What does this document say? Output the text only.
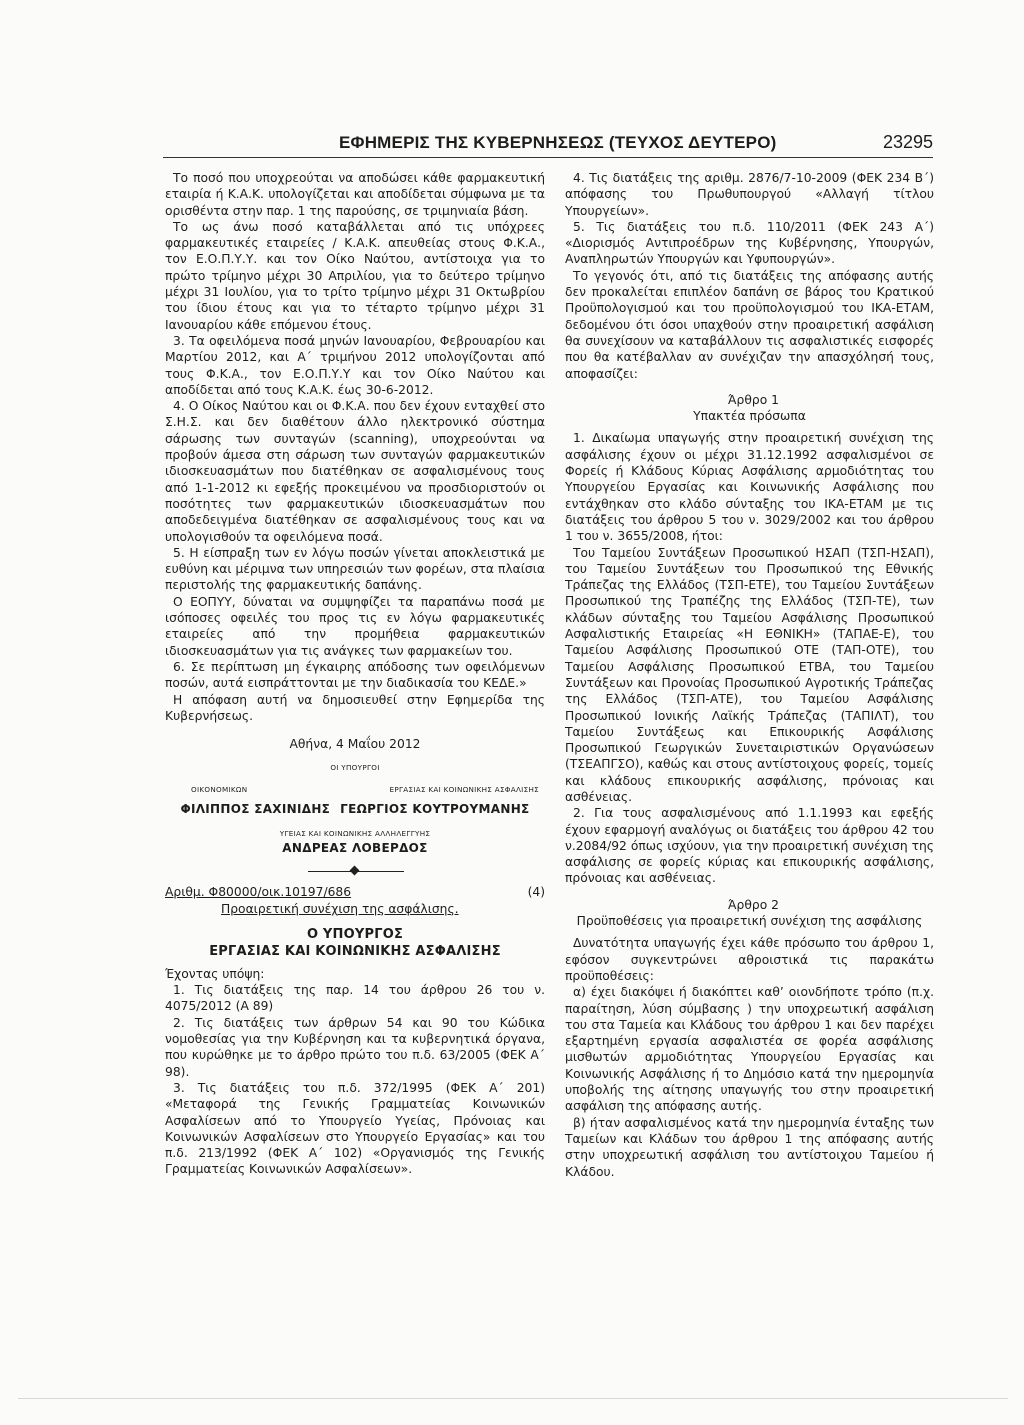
ΕΦΗΜΕΡΙΣ ΤΗΣ ΚΥΒΕΡΝΗΣΕΩΣ (ΤΕΥΧΟΣ ΔΕΥΤΕΡΟ)	23295

Το ποσό που υποχρεούται να αποδώσει κάθε φαρμακευτική εταιρία ή Κ.Α.Κ. υπολογίζεται και αποδίδεται σύμφωνα με τα ορισθέντα στην παρ. 1 της παρούσης, σε τριμηνιαία βάση.

Το ως άνω ποσό καταβάλλεται από τις υπόχρεες φαρμακευτικές εταιρείες / Κ.Α.Κ. απευθείας στους Φ.Κ.Α., τον Ε.Ο.Π.Υ.Υ. και τον Οίκο Ναύτου, αντίστοιχα για το πρώτο τρίμηνο μέχρι 30 Απριλίου, για το δεύτερο τρίμηνο μέχρι 31 Ιουλίου, για το τρίτο τρίμηνο μέχρι 31 Οκτωβρίου του ίδιου έτους και για το τέταρτο τρίμηνο μέχρι 31 Ιανουαρίου κάθε επόμενου έτους.

3. Τα οφειλόμενα ποσά μηνών Ιανουαρίου, Φεβρουαρίου και Μαρτίου 2012, και Α΄ τριμήνου 2012 υπολογίζονται από τους Φ.Κ.Α., τον Ε.Ο.Π.Υ.Υ και τον Οίκο Ναύτου και αποδίδεται από τους Κ.Α.Κ. έως 30-6-2012.

4. Ο Οίκος Ναύτου και οι Φ.Κ.Α. που δεν έχουν ενταχθεί στο Σ.Η.Σ. και δεν διαθέτουν άλλο ηλεκτρονικό σύστημα σάρωσης των συνταγών (scanning), υποχρεούνται να προβούν άμεσα στη σάρωση των συνταγών φαρμακευτικών ιδιοσκευασμάτων που διατέθηκαν σε ασφαλισμένους τους από 1-1-2012 κι εφεξής προκειμένου να προσδιοριστούν οι ποσότητες των φαρμακευτικών ιδιοσκευασμάτων που αποδεδειγμένα διατέθηκαν σε ασφαλισμένους τους και να υπολογισθούν τα οφειλόμενα ποσά.

5. Η είσπραξη των εν λόγω ποσών γίνεται αποκλειστικά με ευθύνη και μέριμνα των υπηρεσιών των φορέων, στα πλαίσια περιστολής της φαρμακευτικής δαπάνης.

Ο ΕΟΠΥΥ, δύναται να συμψηφίζει τα παραπάνω ποσά με ισόποσες οφειλές του προς τις εν λόγω φαρμακευτικές εταιρείες από την προμήθεια φαρμακευτικών ιδιοσκευασμάτων για τις ανάγκες των φαρμακείων του.

6. Σε περίπτωση μη έγκαιρης απόδοσης των οφειλόμενων ποσών, αυτά εισπράττονται με την διαδικασία του ΚΕΔΕ.»

Η απόφαση αυτή να δημοσιευθεί στην Εφημερίδα της Κυβερνήσεως.

Αθήνα, 4 Μαΐου 2012
ΟΙ ΥΠΟΥΡΓΟΙ
ΟΙΚΟΝΟΜΙΚΩΝ	ΕΡΓΑΣΙΑΣ ΚΑΙ ΚΟΙΝΩΝΙΚΗΣ ΑΣΦΑΛΙΣΗΣ
ΦΙΛΙΠΠΟΣ ΣΑΧΙΝΙΔΗΣ ΓΕΩΡΓΙΟΣ ΚΟΥΤΡΟΥΜΑΝΗΣ
ΥΓΕΙΑΣ ΚΑΙ ΚΟΙΝΩΝΙΚΗΣ ΑΛΛΗΛΕΓΓΥΗΣ
ΑΝΔΡΕΑΣ ΛΟΒΕΡΔΟΣ
Αριθμ. Φ80000/οικ.10197/686	(4)
Προαιρετική συνέχιση της ασφάλισης.
Ο ΥΠΟΥΡΓΟΣ
ΕΡΓΑΣΙΑΣ ΚΑΙ ΚΟΙΝΩΝΙΚΗΣ ΑΣΦΑΛΙΣΗΣ

Έχοντας υπόψη:

1. Τις διατάξεις της παρ. 14 του άρθρου 26 του ν. 4075/2012 (Α 89)

2. Τις διατάξεις των άρθρων 54 και 90 του Κώδικα νομοθεσίας για την Κυβέρνηση και τα κυβερνητικά όργανα, που κυρώθηκε με το άρθρο πρώτο του π.δ. 63/2005 (ΦΕΚ Α΄ 98).

3. Τις διατάξεις του π.δ. 372/1995 (ΦΕΚ Α΄ 201) «Μεταφορά της Γενικής Γραμματείας Κοινωνικών Ασφαλίσεων από το Υπουργείο Υγείας, Πρόνοιας και Κοινωνικών Ασφαλίσεων στο Υπουργείο Εργασίας» και του π.δ. 213/1992 (ΦΕΚ Α΄ 102) «Οργανισμός της Γενικής Γραμματείας Κοινωνικών Ασφαλίσεων».

4. Τις διατάξεις της αριθμ. 2876/7-10-2009 (ΦΕΚ 234 Β΄) απόφασης του Πρωθυπουργού «Αλλαγή τίτλου Υπουργείων».

5. Τις διατάξεις του π.δ. 110/2011 (ΦΕΚ 243 Α΄) «Διορισμός Αντιπροέδρων της Κυβέρνησης, Υπουργών, Αναπληρωτών Υπουργών και Υφυπουργών».

Το γεγονός ότι, από τις διατάξεις της απόφασης αυτής δεν προκαλείται επιπλέον δαπάνη σε βάρος του Κρατικού Προϋπολογισμού και του προϋπολογισμού του ΙΚΑ-ΕΤΑΜ, δεδομένου ότι όσοι υπαχθούν στην προαιρετική ασφάλιση θα συνεχίσουν να καταβάλλουν τις ασφαλιστικές εισφορές που θα κατέβαλλαν αν συνέχιζαν την απασχόλησή τους, αποφασίζει:

Άρθρο 1

Υπακτέα πρόσωπα

1. Δικαίωμα υπαγωγής στην προαιρετική συνέχιση της ασφάλισης έχουν οι μέχρι 31.12.1992 ασφαλισμένοι σε Φορείς ή Κλάδους Κύριας Ασφάλισης αρμοδιότητας του Υπουργείου Εργασίας και Κοινωνικής Ασφάλισης που εντάχθηκαν στο κλάδο σύνταξης του ΙΚΑ-ΕΤΑΜ με τις διατάξεις του άρθρου 5 του ν. 3029/2002 και του άρθρου 1 του ν. 3655/2008, ήτοι:

Του Ταμείου Συντάξεων Προσωπικού ΗΣΑΠ (ΤΣΠ-ΗΣΑΠ), του Ταμείου Συντάξεων του Προσωπικού της Εθνικής Τράπεζας της Ελλάδος (ΤΣΠ-ΕΤΕ), του Ταμείου Συντάξεων Προσωπικού της Τραπέζης της Ελλάδος (ΤΣΠ-ΤΕ), των κλάδων σύνταξης του Ταμείου Ασφάλισης Προσωπικού Ασφαλιστικής Εταιρείας «Η ΕΘΝΙΚΗ» (ΤΑΠΑΕ-Ε), του Ταμείου Ασφάλισης Προσωπικού ΟΤΕ (ΤΑΠ-ΟΤΕ), του Ταμείου Ασφάλισης Προσωπικού ΕΤΒΑ, του Ταμείου Συντάξεων και Προνοίας Προσωπικού Αγροτικής Τράπεζας της Ελλάδος (ΤΣΠ-ΑΤΕ), του Ταμείου Ασφάλισης Προσωπικού Ιονικής Λαϊκής Τράπεζας (ΤΑΠΙΛΤ), του Ταμείου Συντάξεως και Επικουρικής Ασφάλισης Προσωπικού Γεωργικών Συνεταιριστικών Οργανώσεων (ΤΣΕΑΠΓΣΟ), καθώς και στους αντίστοιχους φορείς, τομείς και κλάδους επικουρικής ασφάλισης, πρόνοιας και ασθένειας.

2. Για τους ασφαλισμένους από 1.1.1993 και εφεξής έχουν εφαρμογή αναλόγως οι διατάξεις του άρθρου 42 του ν.2084/92 όπως ισχύουν, για την προαιρετική συνέχιση της ασφάλισης σε φορείς κύριας και επικουρικής ασφάλισης, πρόνοιας και ασθένειας.

Άρθρο 2

Προϋποθέσεις για προαιρετική συνέχιση της ασφάλισης

Δυνατότητα υπαγωγής έχει κάθε πρόσωπο του άρθρου 1, εφόσον συγκεντρώνει αθροιστικά τις παρακάτω προϋποθέσεις:

α) έχει διακόψει ή διακόπτει καθ’ οιονδήποτε τρόπο (π.χ. παραίτηση, λύση σύμβασης ) την υποχρεωτική ασφάλιση του στα Ταμεία και Κλάδους του άρθρου 1 και δεν παρέχει εξαρτημένη εργασία ασφαλιστέα σε φορέα ασφάλισης μισθωτών αρμοδιότητας Υπουργείου Εργασίας και Κοινωνικής Ασφάλισης ή το Δημόσιο κατά την ημερομηνία υποβολής της αίτησης υπαγωγής του στην προαιρετική ασφάλιση της απόφασης αυτής.

β) ήταν ασφαλισμένος κατά την ημερομηνία ένταξης των Ταμείων και Κλάδων του άρθρου 1 της απόφασης αυτής στην υποχρεωτική ασφάλιση του αντίστοιχου Ταμείου ή Κλάδου.
